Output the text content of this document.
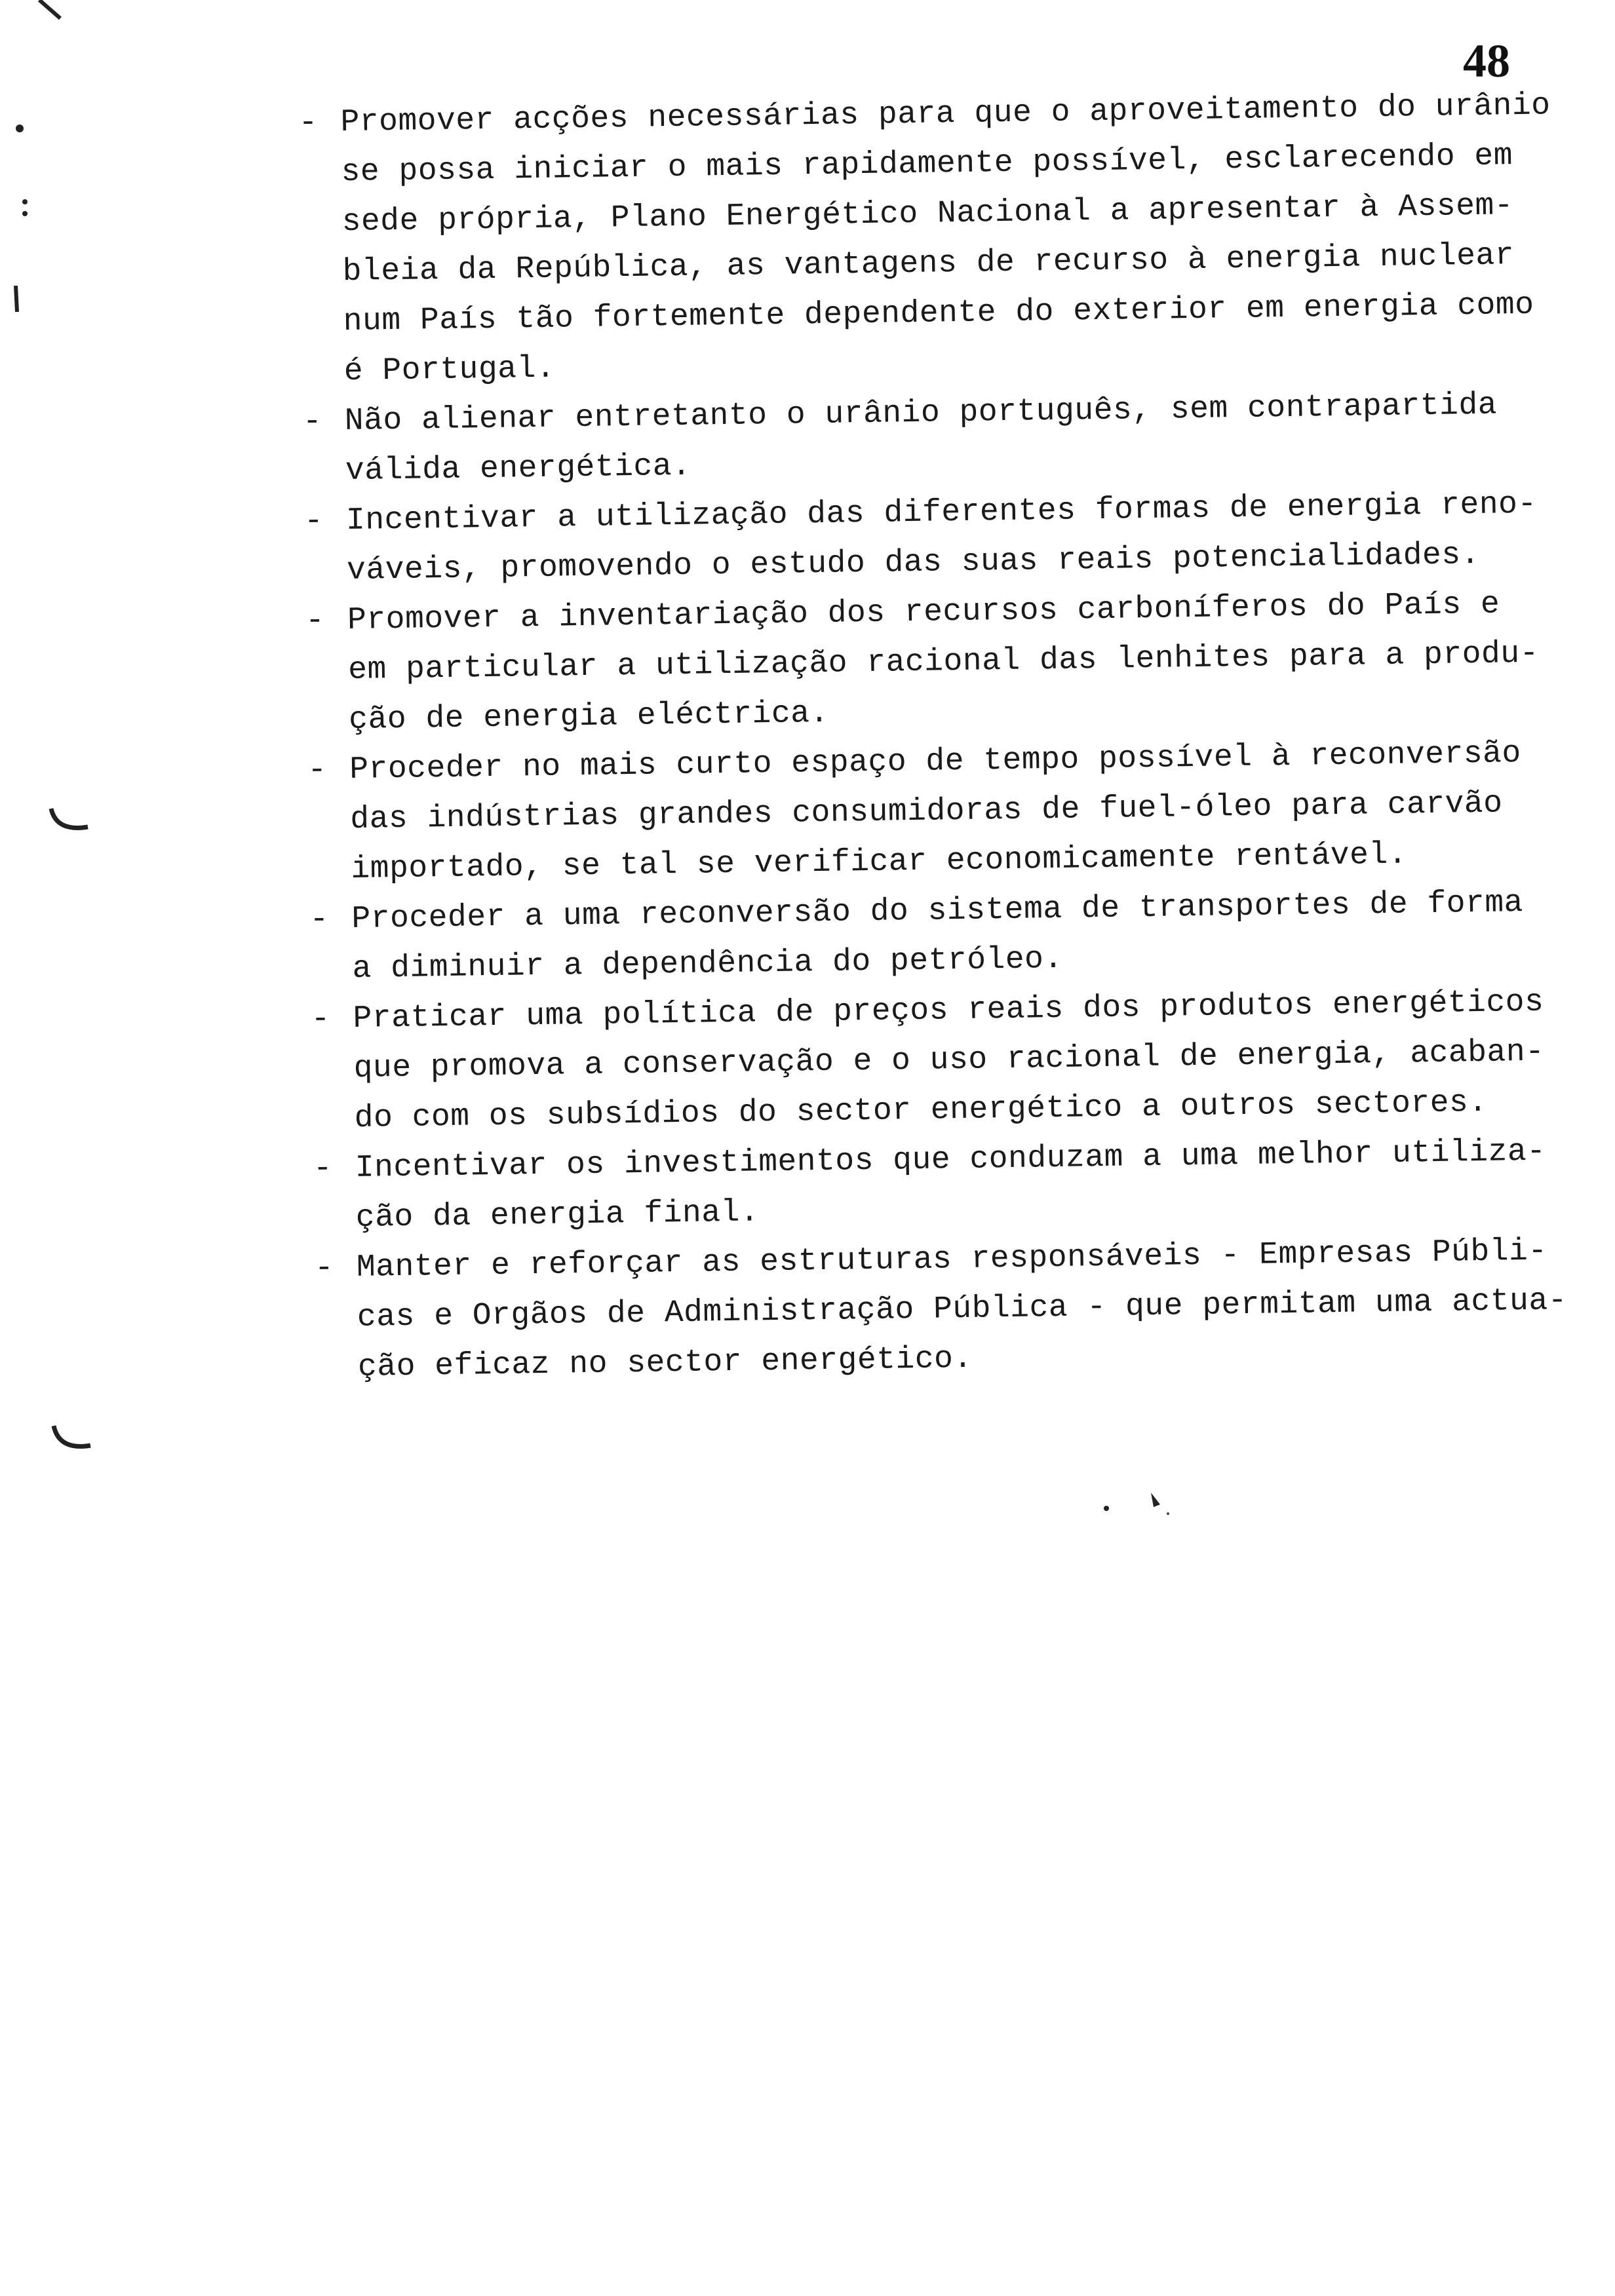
48
- Promover acções necessárias para que o aproveitamento do urânio
se possa iniciar o mais rapidamente possível, esclarecendo em
sede própria, Plano Energético Nacional a apresentar à Assem-
bleia da República, as vantagens de recurso à energia nuclear
num País tão fortemente dependente do exterior em energia como
é Portugal.
- Não alienar entretanto o urânio português, sem contrapartida
válida energética.
- Incentivar a utilização das diferentes formas de energia reno-
váveis, promovendo o estudo das suas reais potencialidades.
- Promover a inventariação dos recursos carboníferos do País e
em particular a utilização racional das lenhites para a produ-
ção de energia eléctrica.
- Proceder no mais curto espaço de tempo possível à reconversão
das indústrias grandes consumidoras de fuel-óleo para carvão
importado, se tal se verificar economicamente rentável.
- Proceder a uma reconversão do sistema de transportes de forma
a diminuir a dependência do petróleo.
- Praticar uma política de preços reais dos produtos energéticos
que promova a conservação e o uso racional de energia, acaban-
do com os subsídios do sector energético a outros sectores.
- Incentivar os investimentos que conduzam a uma melhor utiliza-
ção da energia final.
- Manter e reforçar as estruturas responsáveis - Empresas Públi-
cas e Orgãos de Administração Pública - que permitam uma actua-
ção eficaz no sector energético.
